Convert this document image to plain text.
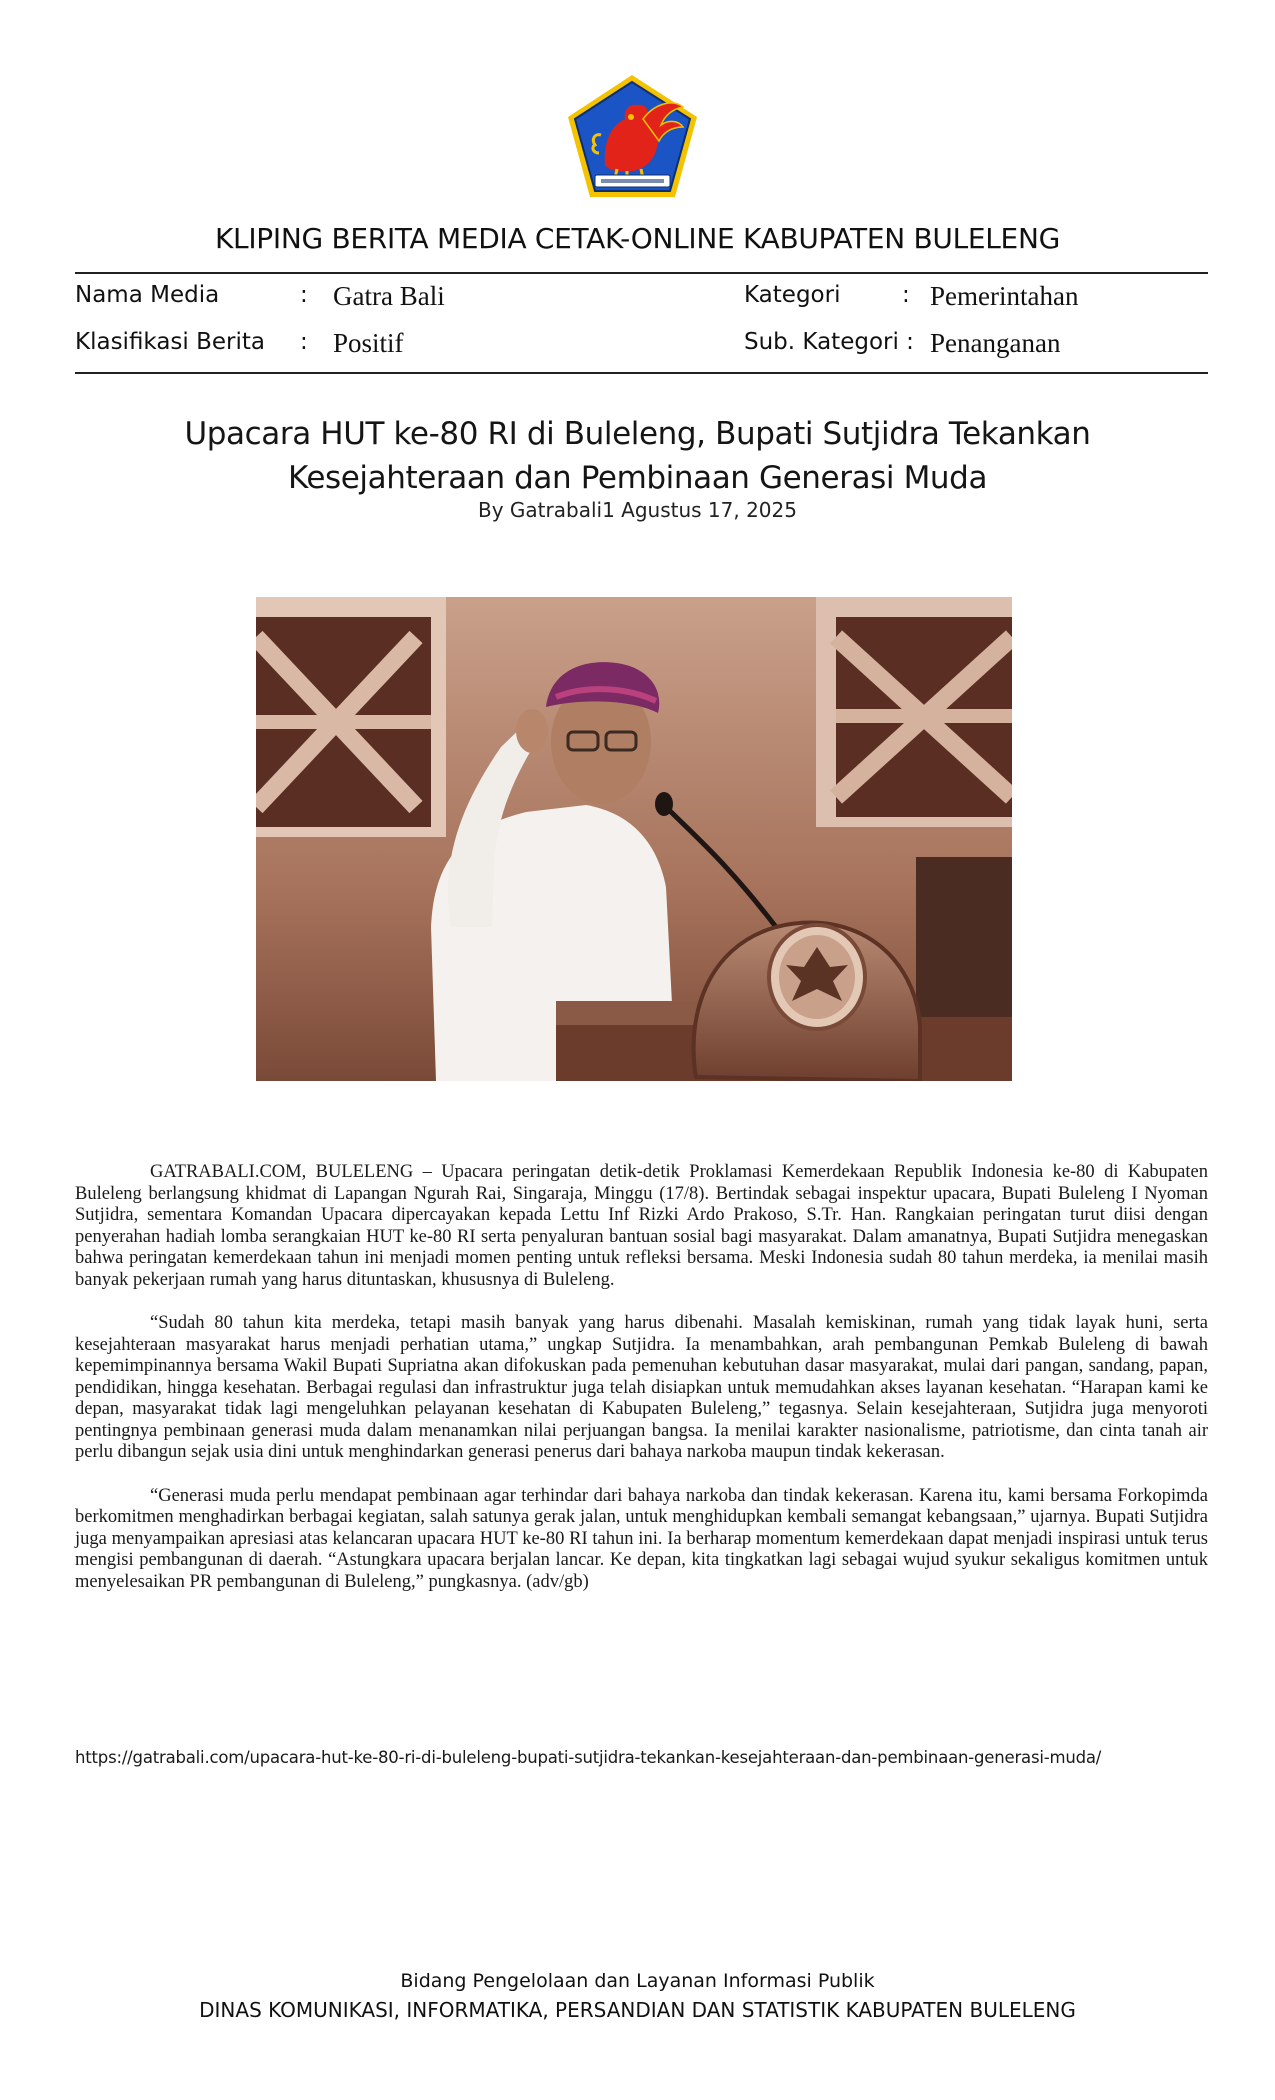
KLIPING BERITA MEDIA CETAK-ONLINE KABUPATEN BULELENG
Nama Media	: Gatra Bali	Kategori	: Pemerintahan
Klasifikasi Berita : Positif	Sub. Kategori : Penanganan
Upacara HUT ke-80 RI di Buleleng, Bupati Sutjidra Tekankan
Kesejahteraan dan Pembinaan Generasi Muda
By Gatrabali1 Agustus 17, 2025

GATRABALI.COM, BULELENG – Upacara peringatan detik-detik Proklamasi Kemerdekaan Republik Indonesia ke-80 di Kabupaten Buleleng berlangsung khidmat di Lapangan Ngurah Rai, Singaraja, Minggu (17/8). Bertindak sebagai inspektur upacara, Bupati Buleleng I Nyoman Sutjidra, sementara Komandan Upacara dipercayakan kepada Lettu Inf Rizki Ardo Prakoso, S.Tr. Han. Rangkaian peringatan turut diisi dengan penyerahan hadiah lomba serangkaian HUT ke-80 RI serta penyaluran bantuan sosial bagi masyarakat. Dalam amanatnya, Bupati Sutjidra menegaskan bahwa peringatan kemerdekaan tahun ini menjadi momen penting untuk refleksi bersama. Meski Indonesia sudah 80 tahun merdeka, ia menilai masih banyak pekerjaan rumah yang harus dituntaskan, khususnya di Buleleng.

“Sudah 80 tahun kita merdeka, tetapi masih banyak yang harus dibenahi. Masalah kemiskinan, rumah yang tidak layak huni, serta kesejahteraan masyarakat harus menjadi perhatian utama,” ungkap Sutjidra. Ia menambahkan, arah pembangunan Pemkab Buleleng di bawah kepemimpinannya bersama Wakil Bupati Supriatna akan difokuskan pada pemenuhan kebutuhan dasar masyarakat, mulai dari pangan, sandang, papan, pendidikan, hingga kesehatan. Berbagai regulasi dan infrastruktur juga telah disiapkan untuk memudahkan akses layanan kesehatan. “Harapan kami ke depan, masyarakat tidak lagi mengeluhkan pelayanan kesehatan di Kabupaten Buleleng,” tegasnya. Selain kesejahteraan, Sutjidra juga menyoroti pentingnya pembinaan generasi muda dalam menanamkan nilai perjuangan bangsa. Ia menilai karakter nasionalisme, patriotisme, dan cinta tanah air perlu dibangun sejak usia dini untuk menghindarkan generasi penerus dari bahaya narkoba maupun tindak kekerasan.

“Generasi muda perlu mendapat pembinaan agar terhindar dari bahaya narkoba dan tindak kekerasan. Karena itu, kami bersama Forkopimda berkomitmen menghadirkan berbagai kegiatan, salah satunya gerak jalan, untuk menghidupkan kembali semangat kebangsaan,” ujarnya. Bupati Sutjidra juga menyampaikan apresiasi atas kelancaran upacara HUT ke-80 RI tahun ini. Ia berharap momentum kemerdekaan dapat menjadi inspirasi untuk terus mengisi pembangunan di daerah. “Astungkara upacara berjalan lancar. Ke depan, kita tingkatkan lagi sebagai wujud syukur sekaligus komitmen untuk menyelesaikan PR pembangunan di Buleleng,” pungkasnya. (adv/gb)

https://gatrabali.com/upacara-hut-ke-80-ri-di-buleleng-bupati-sutjidra-tekankan-kesejahteraan-dan-pembinaan-generasi-muda/
Bidang Pengelolaan dan Layanan Informasi Publik
DINAS KOMUNIKASI, INFORMATIKA, PERSANDIAN DAN STATISTIK KABUPATEN BULELENG
